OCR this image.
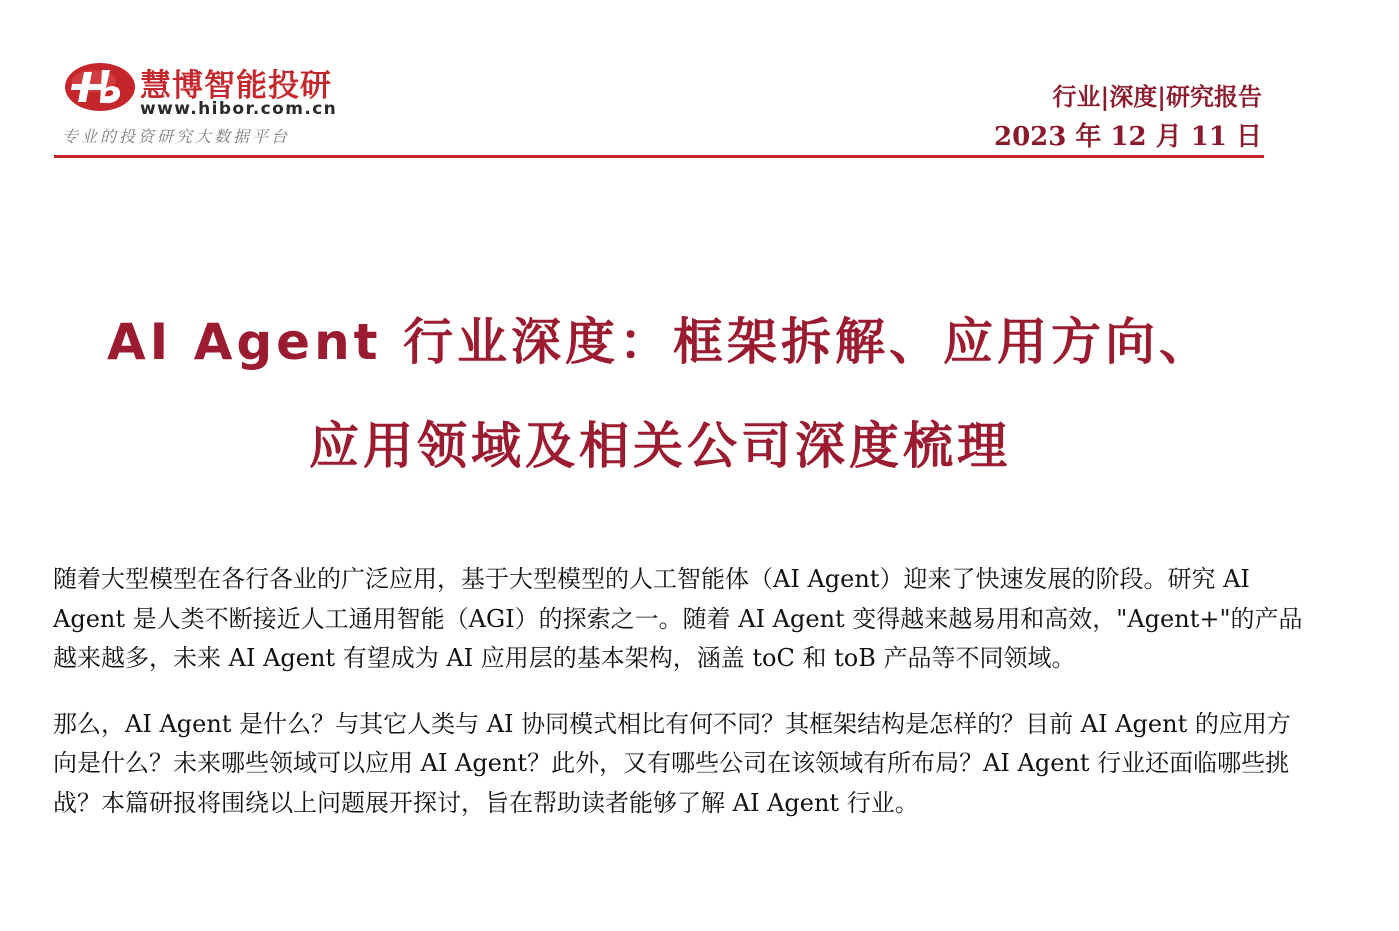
慧博智能投研
www.hibor.com.cn
专业的投资研究大数据平台
行业|深度|研究报告
2023 年 12 月 11 日
AI Agent 行业深度：框架拆解、应用方向、
应用领域及相关公司深度梳理

随着大型模型在各行各业的广泛应用，基于大型模型的人工智能体（AI Agent）迎来了快速发展的阶段。研究 AI Agent 是人类不断接近人工通用智能（AGI）的探索之一。随着 AI Agent 变得越来越易用和高效，"Agent+"的产品越来越多，未来 AI Agent 有望成为 AI 应用层的基本架构，涵盖 toC 和 toB 产品等不同领域。

那么，AI Agent 是什么？与其它人类与 AI 协同模式相比有何不同？其框架结构是怎样的？目前 AI Agent 的应用方向是什么？未来哪些领域可以应用 AI Agent？此外，又有哪些公司在该领域有所布局？AI Agent 行业还面临哪些挑战？本篇研报将围绕以上问题展开探讨，旨在帮助读者能够了解 AI Agent 行业。
